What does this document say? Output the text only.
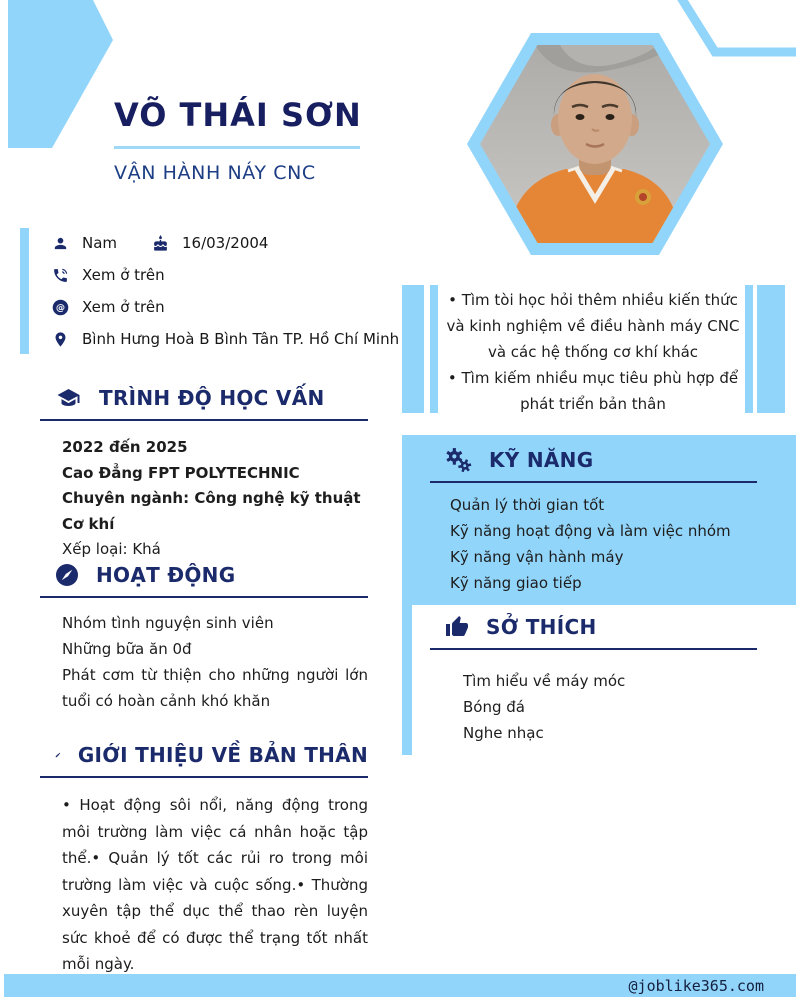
VÕ THÁI SƠN
VẬN HÀNH NÁY CNC
Nam	16/03/2004
Xem ở trên
@ Xem ở trên
Bình Hưng Hoà B Bình Tân TP. Hồ Chí Minh

• Tìm tòi học hỏi thêm nhiều kiến thức và kinh nghiệm về điều hành máy CNC và các hệ thống cơ khí khác

• Tìm kiếm nhiều mục tiêu phù hợp để phát triển bản thân

TRÌNH ĐỘ HỌC VẤN
2022 đến 2025
Cao Đẳng FPT POLYTECHNIC
Chuyên ngành: Công nghệ kỹ thuật Cơ khí
Xếp loại: Khá
HOẠT ĐỘNG
Nhóm tình nguyện sinh viên
Những bữa ăn 0đ
Phát cơm từ thiện cho những người lớn tuổi có hoàn cảnh khó khăn
GIỚI THIỆU VỀ BẢN THÂN
• Hoạt động sôi nổi, năng động trong môi trường làm việc cá nhân hoặc tập thể.• Quản lý tốt các rủi ro trong môi trường làm việc và cuộc sống.• Thường xuyên tập thể dục thể thao rèn luyện sức khoẻ để có được thể trạng tốt nhất mỗi ngày.
KỸ NĂNG
Quản lý thời gian tốt
Kỹ năng hoạt động và làm việc nhóm
Kỹ năng vận hành máy
Kỹ năng giao tiếp
SỞ THÍCH
Tìm hiểu về máy móc
Bóng đá
Nghe nhạc
@joblike365.com
